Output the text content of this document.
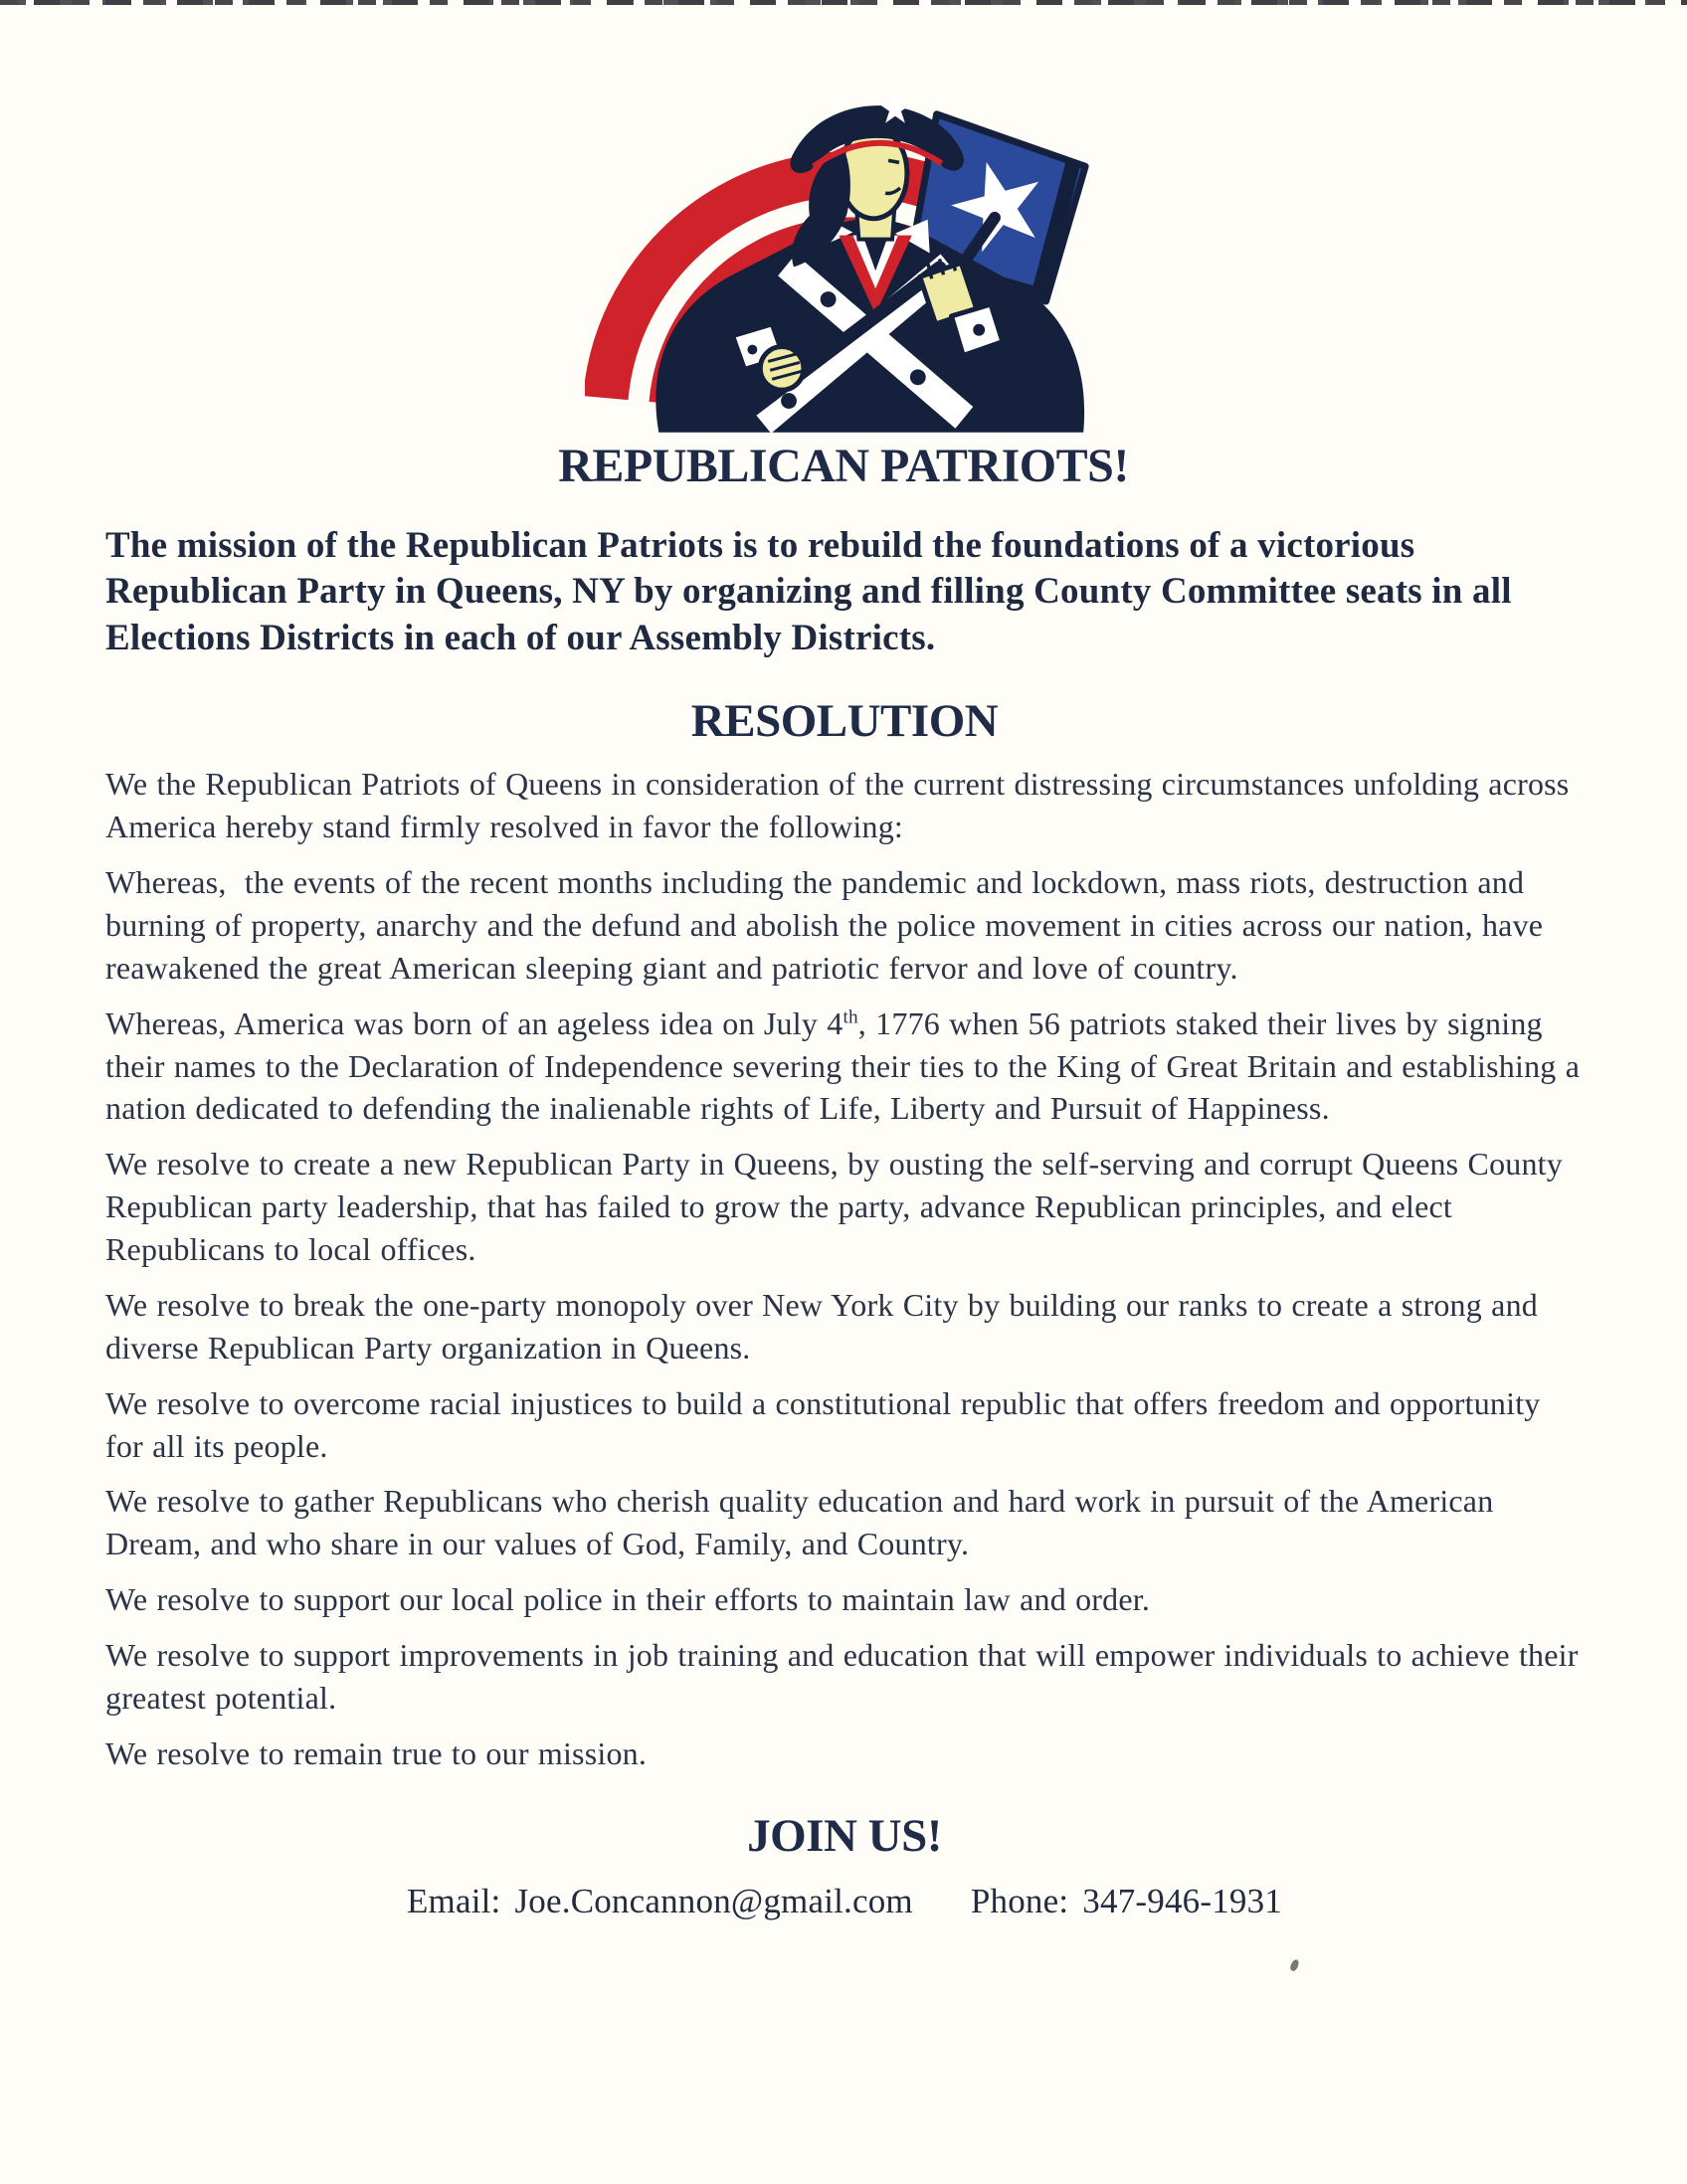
REPUBLICAN PATRIOTS!

The mission of the Republican Patriots is to rebuild the foundations of a victorious Republican Party in Queens, NY by organizing and filling County Committee seats in all Elections Districts in each of our Assembly Districts.

RESOLUTION

We the Republican Patriots of Queens in consideration of the current distressing circumstances unfolding across America hereby stand firmly resolved in favor the following:

Whereas,  the events of the recent months including the pandemic and lockdown, mass riots, destruction and burning of property, anarchy and the defund and abolish the police movement in cities across our nation, have reawakened the great American sleeping giant and patriotic fervor and love of country.

Whereas, America was born of an ageless idea on July 4th, 1776 when 56 patriots staked their lives by signing their names to the Declaration of Independence severing their ties to the King of Great Britain and establishing a nation dedicated to defending the inalienable rights of Life, Liberty and Pursuit of Happiness.

We resolve to create a new Republican Party in Queens, by ousting the self-serving and corrupt Queens County Republican party leadership, that has failed to grow the party, advance Republican principles, and elect Republicans to local offices.

We resolve to break the one-party monopoly over New York City by building our ranks to create a strong and diverse Republican Party organization in Queens.

We resolve to overcome racial injustices to build a constitutional republic that offers freedom and opportunity for all its people.

We resolve to gather Republicans who cherish quality education and hard work in pursuit of the American Dream, and who share in our values of God, Family, and Country.

We resolve to support our local police in their efforts to maintain law and order.

We resolve to support improvements in job training and education that will empower individuals to achieve their greatest potential.

We resolve to remain true to our mission.

JOIN US!

Email: Joe.Concannon@gmail.com Phone: 347-946-1931
